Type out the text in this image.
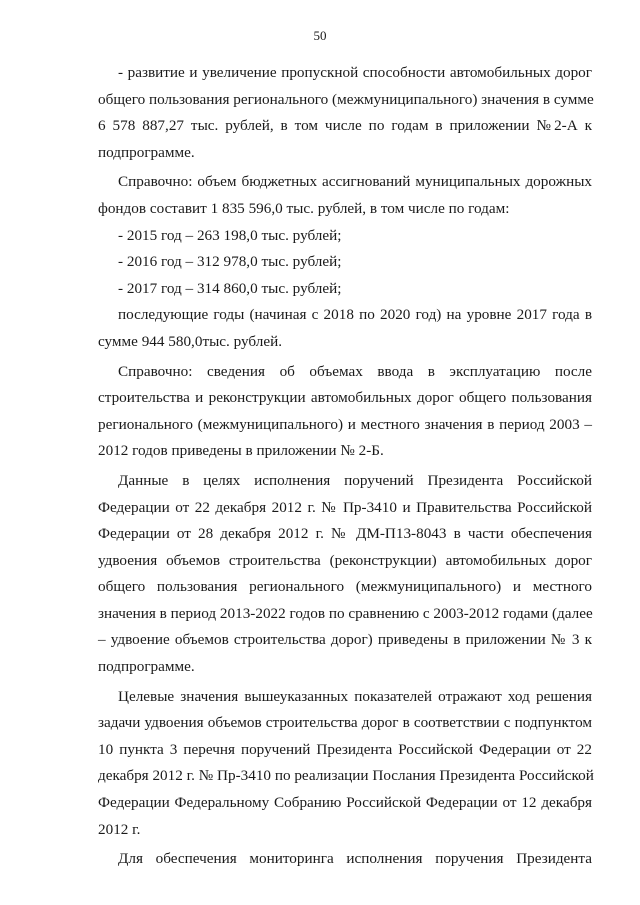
50
- развитие и увеличение пропускной способности автомобильных дорог
общего пользования регионального (межмуниципального) значения в сумме
6 578 887,27 тыс. рублей, в том числе по годам в приложении №2-А к
подпрограмме.
Справочно: объем бюджетных ассигнований муниципальных дорожных
фондов составит 1 835 596,0 тыс. рублей, в том числе по годам:
- 2015 год – 263 198,0 тыс. рублей;
- 2016 год – 312 978,0 тыс. рублей;
- 2017 год – 314 860,0 тыс. рублей;
последующие годы (начиная с 2018 по 2020 год) на уровне 2017 года в
сумме 944 580,0тыс. рублей.
Справочно: сведения об объемах ввода в эксплуатацию после
строительства и реконструкции автомобильных дорог общего пользования
регионального (межмуниципального) и местного значения в период 2003 –
2012 годов приведены в приложении № 2-Б.
Данные в целях исполнения поручений Президента Российской
Федерации от 22 декабря 2012 г. № Пр-3410 и Правительства Российской
Федерации от 28 декабря 2012 г. № ДМ-П13-8043 в части обеспечения
удвоения объемов строительства (реконструкции) автомобильных дорог
общего пользования регионального (межмуниципального) и местного
значения в период 2013-2022 годов по сравнению с 2003-2012 годами (далее
– удвоение объемов строительства дорог) приведены в приложении № 3 к
подпрограмме.
Целевые значения вышеуказанных показателей отражают ход решения
задачи удвоения объемов строительства дорог в соответствии с подпунктом
10 пункта 3 перечня поручений Президента Российской Федерации от 22
декабря 2012 г. № Пр-3410 по реализации Послания Президента Российской
Федерации Федеральному Собранию Российской Федерации от 12 декабря
2012 г.
Для обеспечения мониторинга исполнения поручения Президента
